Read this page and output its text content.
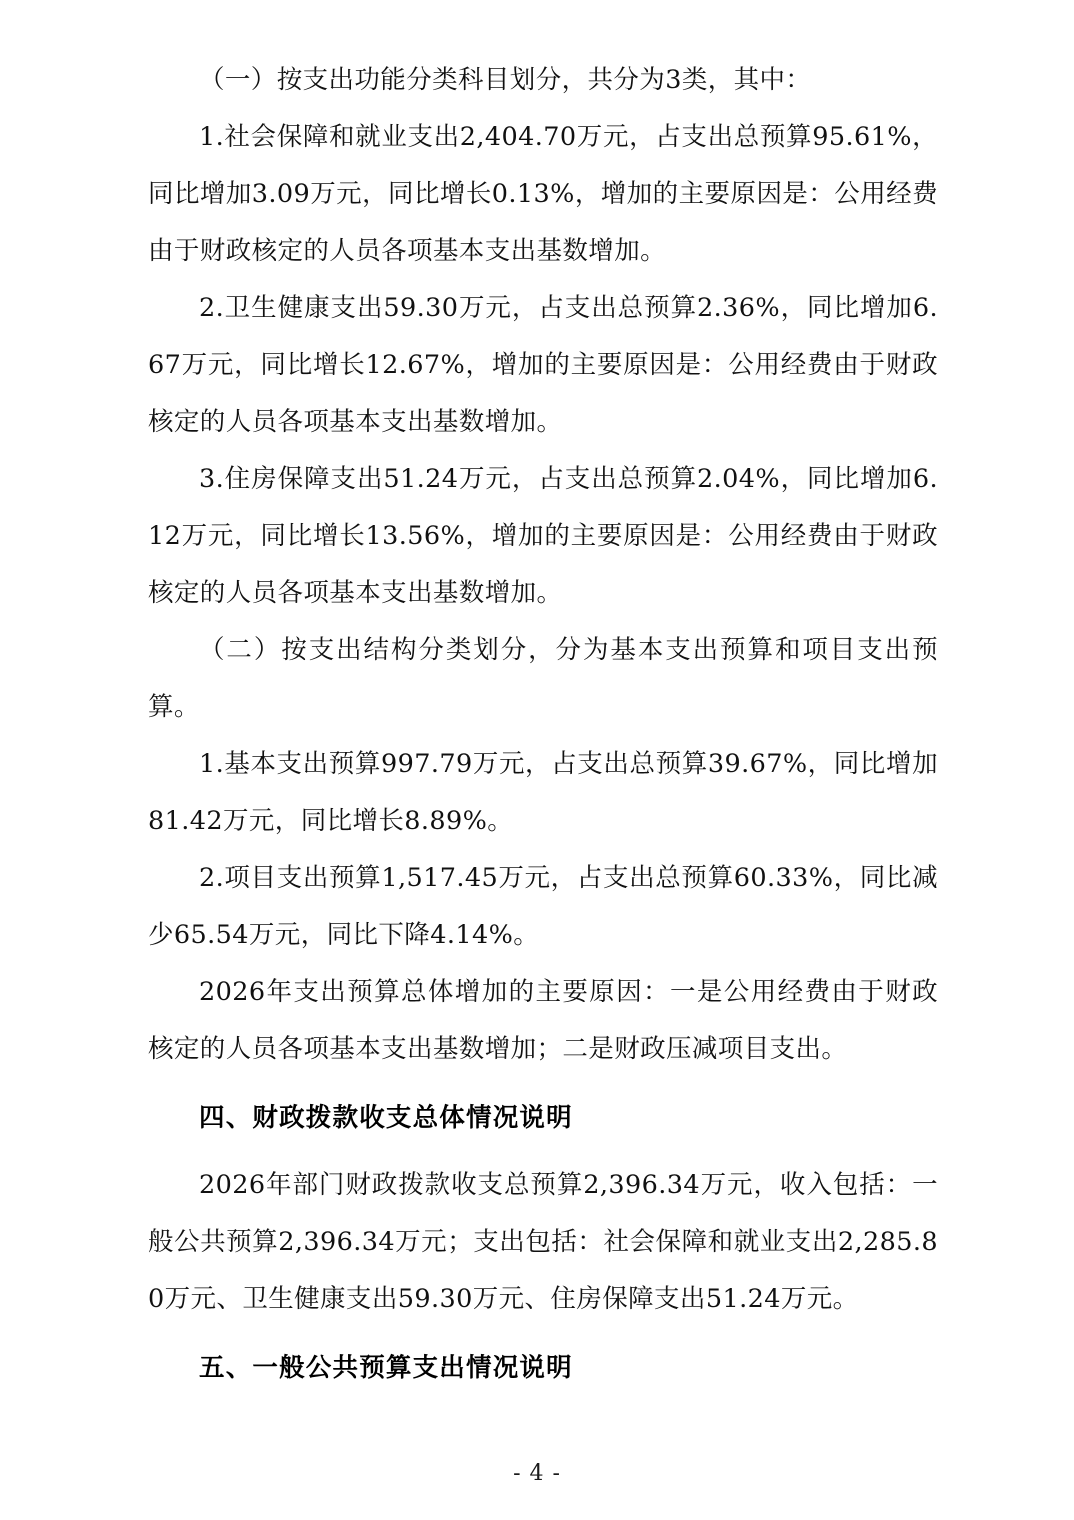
（一）按支出功能分类科目划分，共分为3类，其中：

1.社会保障和就业支出2,404.70万元，占支出总预算95.61%，同比增加3.09万元，同比增长0.13%，增加的主要原因是：公用经费由于财政核定的人员各项基本支出基数增加。

2.卫生健康支出59.30万元，占支出总预算2.36%，同比增加6.67万元，同比增长12.67%，增加的主要原因是：公用经费由于财政核定的人员各项基本支出基数增加。

3.住房保障支出51.24万元，占支出总预算2.04%，同比增加6.12万元，同比增长13.56%，增加的主要原因是：公用经费由于财政核定的人员各项基本支出基数增加。

（二）按支出结构分类划分，分为基本支出预算和项目支出预算。

1.基本支出预算997.79万元，占支出总预算39.67%，同比增加81.42万元，同比增长8.89%。

2.项目支出预算1,517.45万元，占支出总预算60.33%，同比减少65.54万元，同比下降4.14%。

2026年支出预算总体增加的主要原因：一是公用经费由于财政核定的人员各项基本支出基数增加；二是财政压减项目支出。

四、财政拨款收支总体情况说明

2026年部门财政拨款收支总预算2,396.34万元，收入包括：一般公共预算2,396.34万元；支出包括：社会保障和就业支出2,285.80万元、卫生健康支出59.30万元、住房保障支出51.24万元。

五、一般公共预算支出情况说明
- 4 -
